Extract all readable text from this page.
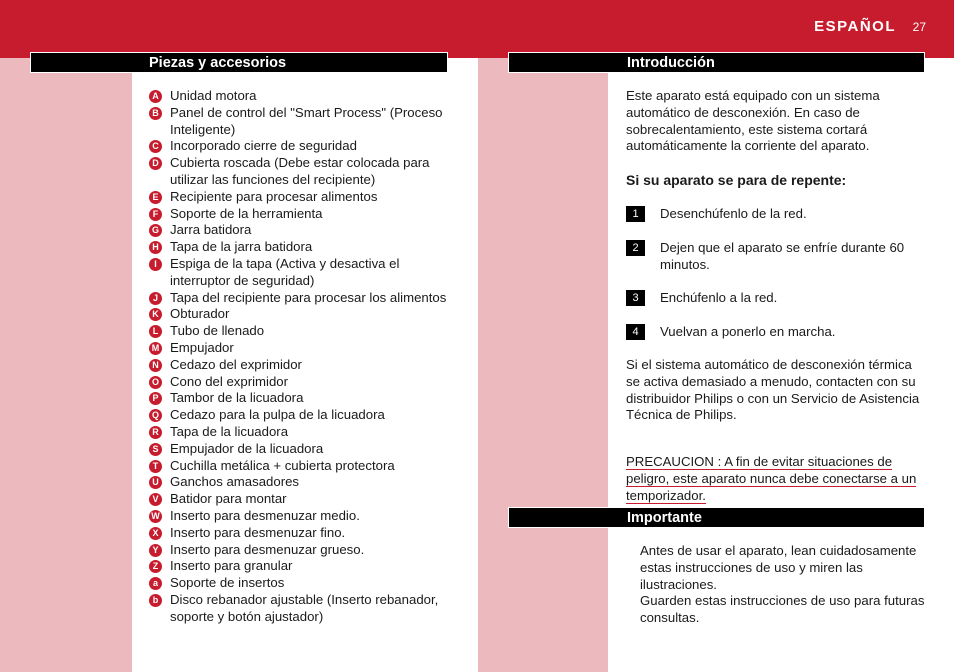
ESPAÑOL 27
Piezas y accesorios
A Unidad motora
B Panel de control del "Smart Process" (Proceso Inteligente)
C Incorporado cierre de seguridad
D Cubierta roscada (Debe estar colocada para utilizar las funciones del recipiente)
E Recipiente para procesar alimentos
F Soporte de la herramienta
G Jarra batidora
H Tapa de la jarra batidora
I	Espiga de la tapa (Activa y desactiva el interruptor de seguridad)
J Tapa del recipiente para procesar los alimentos
K Obturador
L Tubo de llenado
M Empujador
N Cedazo del exprimidor
O Cono del exprimidor
P Tambor de la licuadora
Q Cedazo para la pulpa de la licuadora
R Tapa de la licuadora
S Empujador de la licuadora
T Cuchilla metálica + cubierta protectora
U Ganchos amasadores
V Batidor para montar
W Inserto para desmenuzar medio.
X Inserto para desmenuzar fino.
Y Inserto para desmenuzar grueso.
Z Inserto para granular
a Soporte de insertos
b Disco rebanador ajustable (Inserto rebanador, soporte y botón ajustador)
Introducción

Este aparato está equipado con un sistema automático de desconexión. En caso de sobrecalentamiento, este sistema cortará automáticamente la corriente del aparato.

Si su aparato se para de repente:

1	Desenchúfenlo de la red.
2	Dejen que el aparato se enfríe durante 60 minutos.
3	Enchúfenlo a la red.
4	Vuelvan a ponerlo en marcha.

Si el sistema automático de desconexión térmica se activa demasiado a menudo, contacten con su distribuidor Philips o con un Servicio de Asistencia Técnica de Philips.

PRECAUCION : A fin de evitar situaciones de peligro, este aparato nunca debe conectarse a un temporizador.

Importante

Antes de usar el aparato, lean cuidadosamente estas instrucciones de uso y miren las ilustraciones.
Guarden estas instrucciones de uso para futuras consultas.
